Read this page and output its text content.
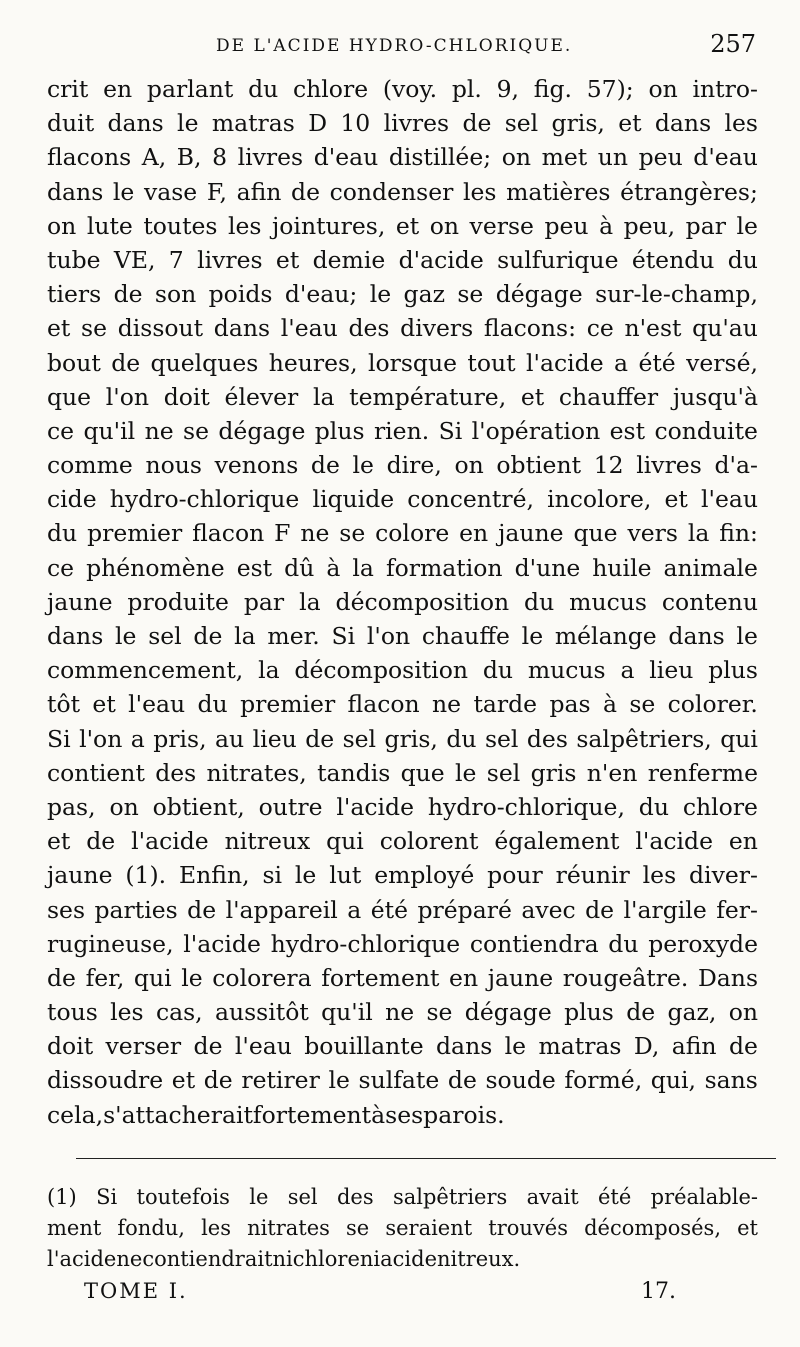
DE L'ACIDE HYDRO-CHLORIQUE.	257
crit en parlant du chlore (voy. pl. 9, fig. 57); on intro-
duit dans le matras D 10 livres de sel gris, et dans les
flacons A, B, 8 livres d'eau distillée; on met un peu d'eau
dans le vase F, afin de condenser les matières étrangères;
on lute toutes les jointures, et on verse peu à peu, par le
tube VE, 7 livres et demie d'acide sulfurique étendu du
tiers de son poids d'eau; le gaz se dégage sur-le-champ,
et se dissout dans l'eau des divers flacons: ce n'est qu'au
bout de quelques heures, lorsque tout l'acide a été versé,
que l'on doit élever la température, et chauffer jusqu'à
ce qu'il ne se dégage plus rien. Si l'opération est conduite
comme nous venons de le dire, on obtient 12 livres d'a-
cide hydro-chlorique liquide concentré, incolore, et l'eau
du premier flacon F ne se colore en jaune que vers la fin:
ce phénomène est dû à la formation d'une huile animale
jaune produite par la décomposition du mucus contenu
dans le sel de la mer. Si l'on chauffe le mélange dans le
commencement, la décomposition du mucus a lieu plus
tôt et l'eau du premier flacon ne tarde pas à se colorer.
Si l'on a pris, au lieu de sel gris, du sel des salpêtriers, qui
contient des nitrates, tandis que le sel gris n'en renferme
pas, on obtient, outre l'acide hydro-chlorique, du chlore
et de l'acide nitreux qui colorent également l'acide en
jaune (1). Enfin, si le lut employé pour réunir les diver-
ses parties de l'appareil a été préparé avec de l'argile fer-
rugineuse, l'acide hydro-chlorique contiendra du peroxyde
de fer, qui le colorera fortement en jaune rougeâtre. Dans
tous les cas, aussitôt qu'il ne se dégage plus de gaz, on
doit verser de l'eau bouillante dans le matras D, afin de
dissoudre et de retirer le sulfate de soude formé, qui, sans
cela, s'attacherait fortement à ses parois.
(1) Si toutefois le sel des salpêtriers avait été préalable-
ment fondu, les nitrates se seraient trouvés décomposés, et
l'acide ne contiendrait ni chlore ni acide nitreux.
TOME I.	17.
